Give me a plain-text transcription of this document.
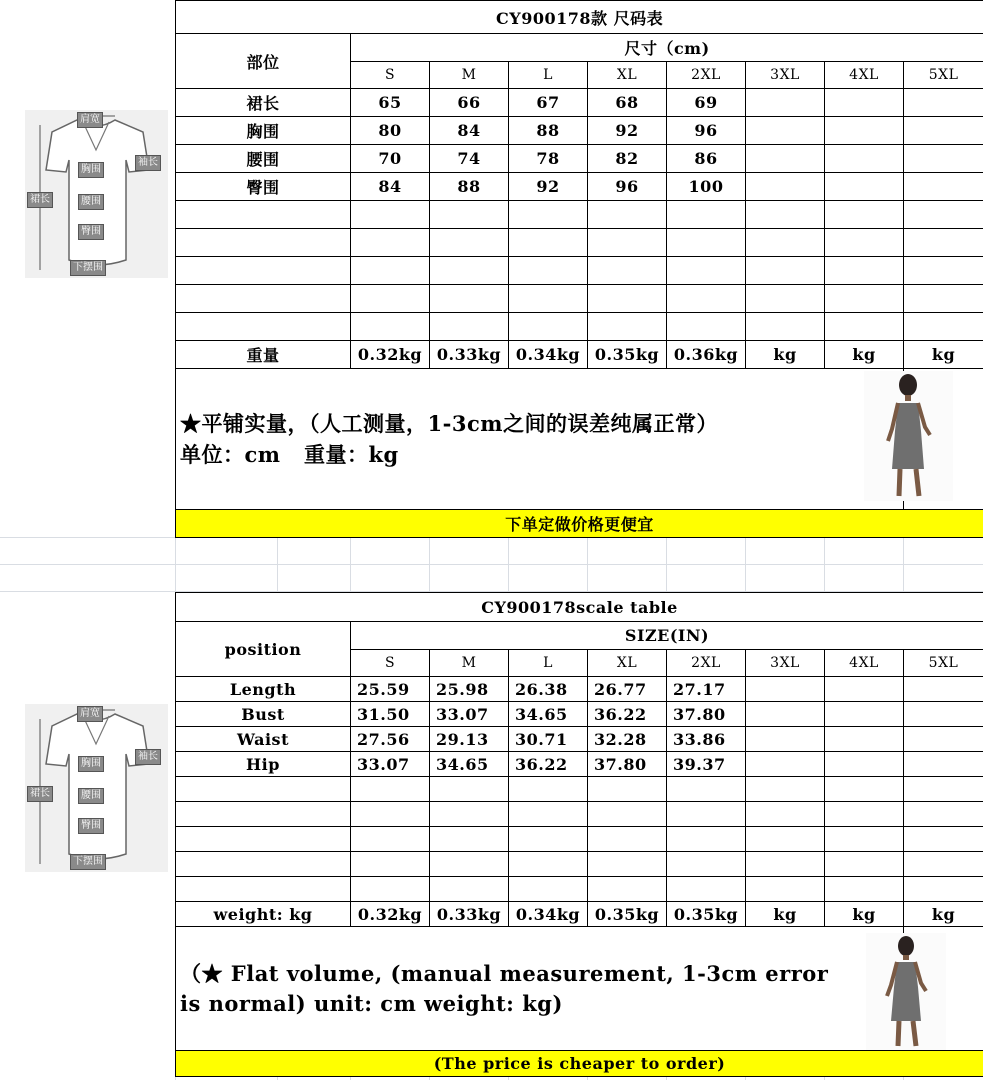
肩宽
袖长
裙长
胸围
腰围
臀围
下摆围
肩宽
袖长
裙长
胸围
腰围
臀围
下摆围
CY900178款 尺码表								
部位	尺寸（cm)							
	S	M	L	XL	2XL	3XL	4XL	5XL
裙长	65	66	67	68	69			
胸围	80	84	88	92	96			
腰围	70	74	78	82	86			
臀围	84	88	92	96	100			

重量	0.32kg	0.33kg	0.34kg	0.35kg	0.36kg	kg	kg	kg

★平铺实量，（人工测量，1-3cm之间的误差纯属正常）
单位：cm   重量：kg								

下单定做价格更便宜								
CY900178scale table								
position	SIZE(IN)							
	S	M	L	XL	2XL	3XL	4XL	5XL
Length	25.59	25.98	26.38	26.77	27.17			
Bust	31.50	33.07	34.65	36.22	37.80			
Waist	27.56	29.13	30.71	32.28	33.86			
Hip	33.07	34.65	36.22	37.80	39.37			

weight: kg	0.32kg	0.33kg	0.34kg	0.35kg	0.35kg	kg	kg	kg
（★ Flat volume, (manual measurement, 1-3cm error is normal) unit: cm weight: kg)								
(The price is cheaper to order)								
